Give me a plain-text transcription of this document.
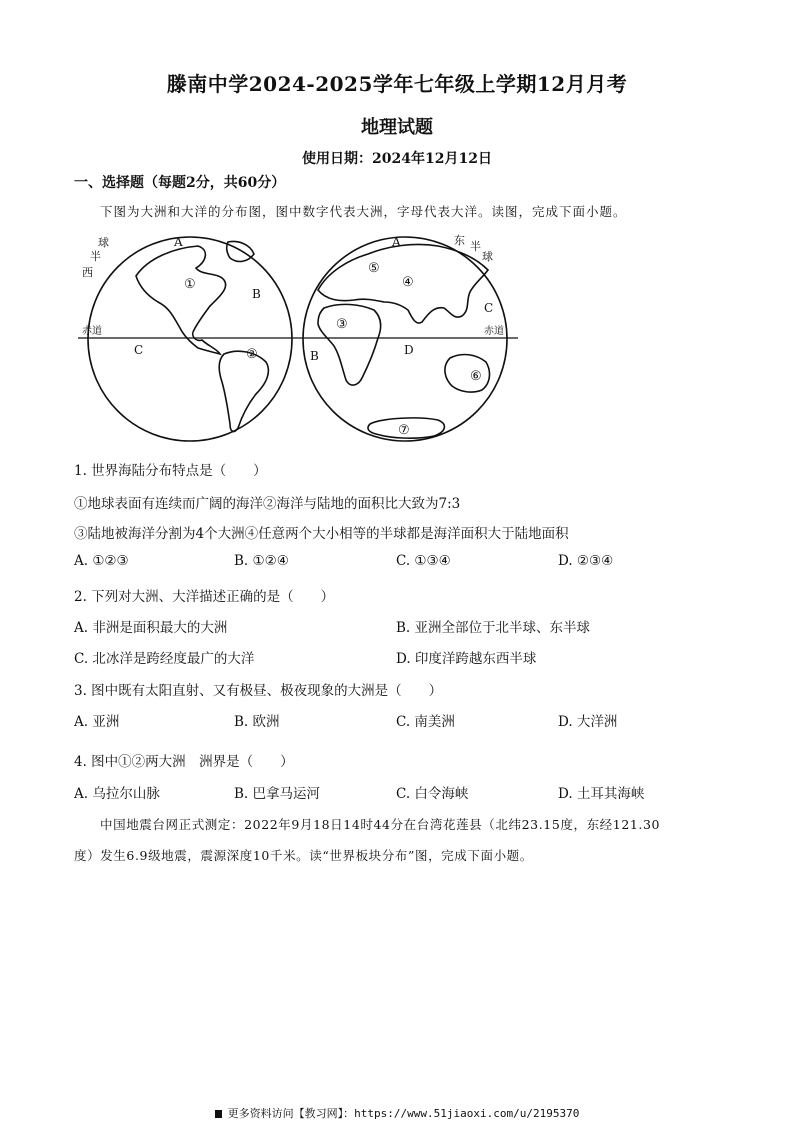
滕南中学2024-2025学年七年级上学期12月月考
地理试题
使用日期：2024年12月12日
一、选择题（每题2分，共60分）
下图为大洲和大洋的分布图，图中数字代表大洲，字母代表大洋。读图，完成下面小题。
西
半
球	东 半
球
赤道	赤道
A
B
C
A
B
C
D
①
②
③
④
⑤
⑥
⑦
1. 世界海陆分布特点是（　　）
①地球表面有连续而广阔的海洋②海洋与陆地的面积比大致为7:3
③陆地被海洋分割为4个大洲④任意两个大小相等的半球都是海洋面积大于陆地面积
A. ①②③	B. ①②④	C. ①③④	D. ②③④
2. 下列对大洲、大洋描述正确的是（　　）
A. 非洲是面积最大的大洲	B. 亚洲全部位于北半球、东半球
C. 北冰洋是跨经度最广的大洋	D. 印度洋跨越东西半球
3. 图中既有太阳直射、又有极昼、极夜现象的大洲是（　　）
A. 亚洲	B. 欧洲	C. 南美洲	D. 大洋洲
4. 图中①②两大洲　洲界是（　　）
A. 乌拉尔山脉	B. 巴拿马运河	C. 白令海峡	D. 土耳其海峡
中国地震台网正式测定：2022年9月18日14时44分在台湾花莲县（北纬23.15度，东经121.30
度）发生6.9级地震，震源深度10千米。读“世界板块分布”图，完成下面小题。
更多资料访问【教习网】：https://www.51jiaoxi.com/u/2195370
